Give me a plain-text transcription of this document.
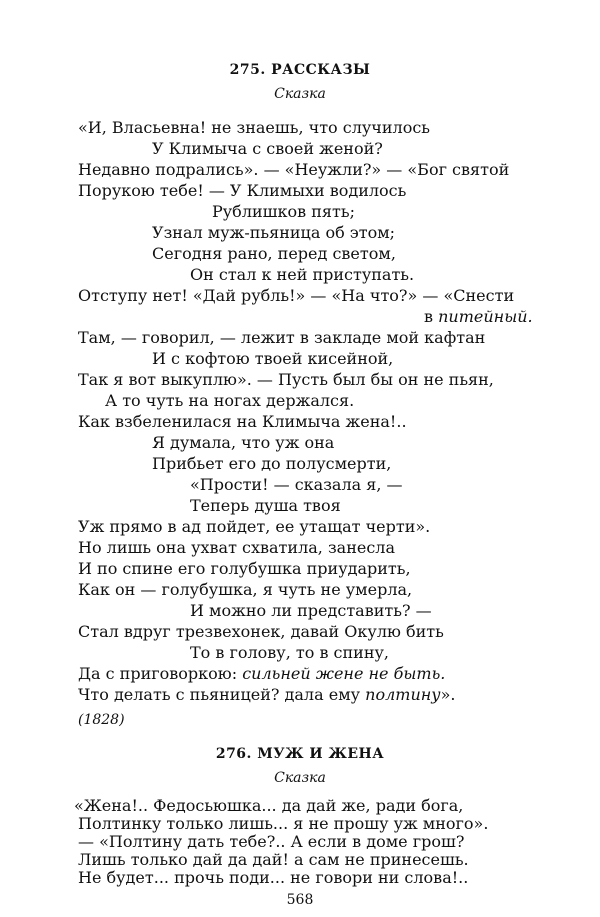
275. РАССКАЗЫ
Сказка
«И, Власьевна! не знаешь, что случилось
У Климыча с своей женой?
Недавно подрались». — «Неужли?» — «Бог святой
Порукою тебе! — У Климыхи водилось
Рублишков пять;
Узнал муж-пьяница об этом;
Сегодня рано, перед светом,
Он стал к ней приступать.
Отступу нет! «Дай рубль!» — «На что?» — «Снести
в питейный.
Там, — говорил, — лежит в закладе мой кафтан
И с кофтою твоей кисейной,
Так я вот выкуплю». — Пусть был бы он не пьян,
А то чуть на ногах держался.
Как взбеленилася на Климыча жена!..
Я думала, что уж она
Прибьет его до полусмерти,
«Прости! — сказала я, —
Теперь душа твоя
Уж прямо в ад пойдет, ее утащат черти».
Но лишь она ухват схватила, занесла
И по спине его голубушка приударить,
Как он — голубушка, я чуть не умерла,
И можно ли представить? —
Стал вдруг трезвехонек, давай Окулю бить
То в голову, то в спину,
Да с приговоркою: сильней жене не быть.
Что делать с пьяницей? дала ему полтину».
(1828)
276. МУЖ И ЖЕНА
Сказка
«Жена!.. Федосьюшка... да дай же, ради бога,
Полтинку только лишь... я не прошу уж много».
— «Полтину дать тебе?.. А если в доме грош?
Лишь только дай да дай! а сам не принесешь.
Не будет... прочь поди... не говори ни слова!..
568
